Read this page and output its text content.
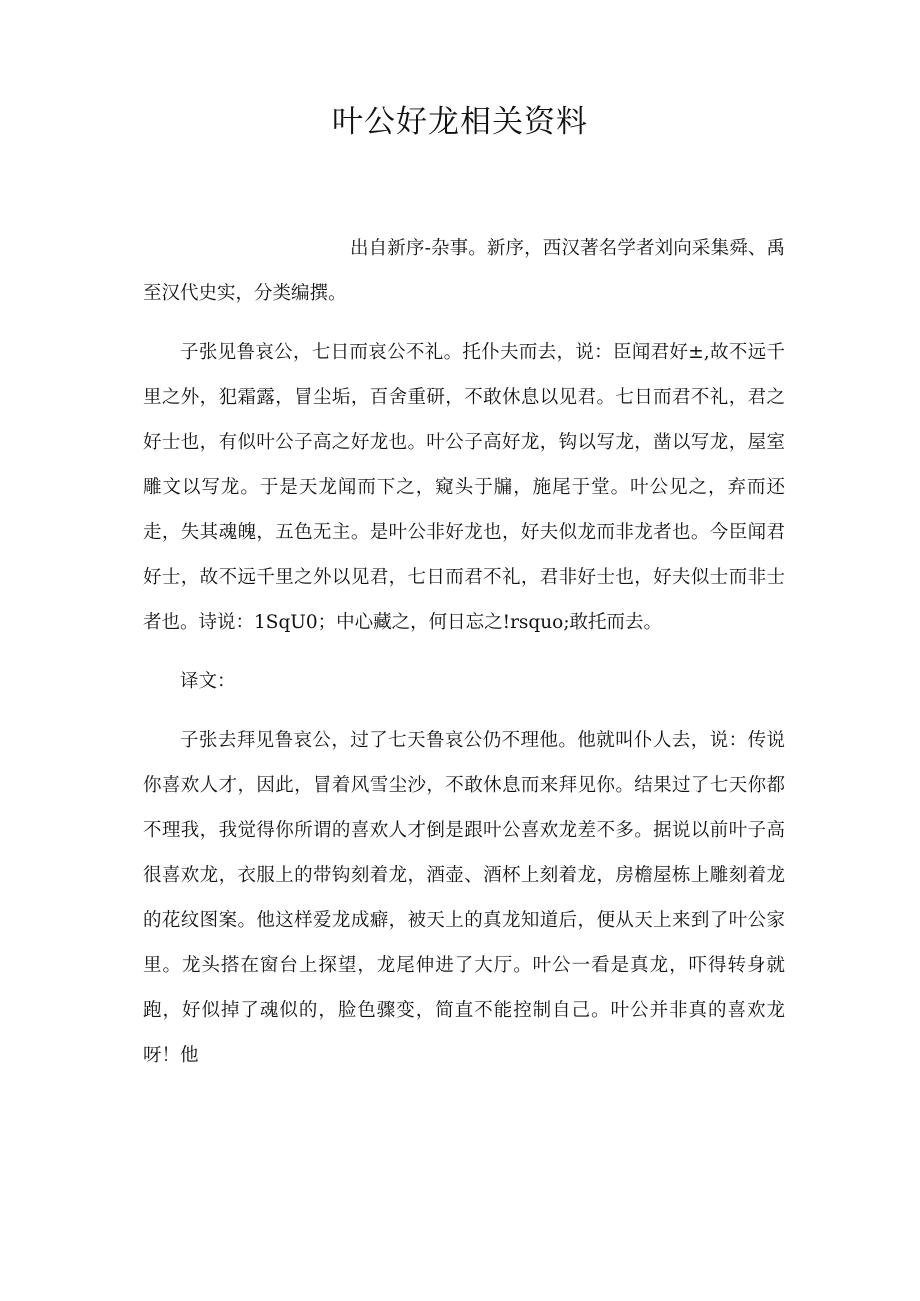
叶公好龙相关资料

出自新序-杂事。新序，西汉著名学者刘向采集舜、禹至汉代史实，分类编撰。

子张见鲁哀公，七日而哀公不礼。托仆夫而去，说：臣闻君好±,故不远千里之外，犯霜露，冒尘垢，百舍重研，不敢休息以见君。七日而君不礼，君之好士也，有似叶公子高之好龙也。叶公子高好龙，钩以写龙，凿以写龙，屋室雕文以写龙。于是天龙闻而下之，窥头于牖，施尾于堂。叶公见之，弃而还走，失其魂魄，五色无主。是叶公非好龙也，好夫似龙而非龙者也。今臣闻君好士，故不远千里之外以见君，七日而君不礼，君非好士也，好夫似士而非士者也。诗说：1SqU0；中心藏之，何日忘之!rsquo;敢托而去。

译文：

子张去拜见鲁哀公，过了七天鲁哀公仍不理他。他就叫仆人去，说：传说你喜欢人才，因此，冒着风雪尘沙，不敢休息而来拜见你。结果过了七天你都不理我，我觉得你所谓的喜欢人才倒是跟叶公喜欢龙差不多。据说以前叶子高很喜欢龙，衣服上的带钩刻着龙，酒壶、酒杯上刻着龙，房檐屋栋上雕刻着龙的花纹图案。他这样爱龙成癖，被天上的真龙知道后，便从天上来到了叶公家里。龙头搭在窗台上探望，龙尾伸进了大厅。叶公一看是真龙，吓得转身就跑，好似掉了魂似的，脸色骤变，简直不能控制自己。叶公并非真的喜欢龙呀！他
